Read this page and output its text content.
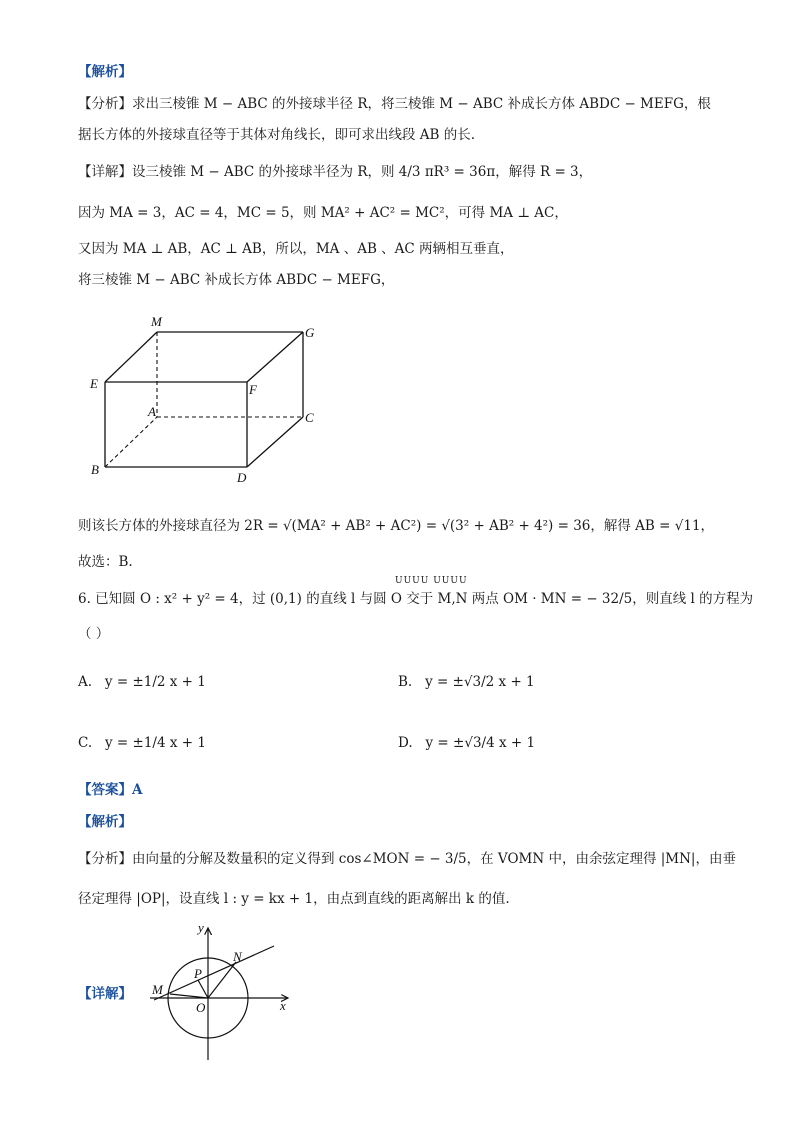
【解析】
【分析】求出三棱锥 M − ABC 的外接球半径 R，将三棱锥 M − ABC 补成长方体 ABDC − MEFG，根
据长方体的外接球直径等于其体对角线长，即可求出线段 AB 的长.
【详解】设三棱锥 M − ABC 的外接球半径为 R，则 4/3 πR³ = 36π，解得 R = 3，
因为 MA = 3，AC = 4，MC = 5，则 MA² + AC² = MC²，可得 MA ⊥ AC，
又因为 MA ⊥ AB，AC ⊥ AB，所以，MA 、AB 、AC 两辆相互垂直，
将三棱锥 M − ABC 补成长方体 ABDC − MEFG，
M
G
E	F
A	C
B
D
则该长方体的外接球直径为 2R = √(MA² + AB² + AC²) = √(3² + AB² + 4²) = 36，解得 AB = √11，
故选：B.
UUUU UUUU
6. 已知圆 O : x² + y² = 4，过 (0,1) 的直线 l 与圆 O 交于 M,N 两点 OM · MN = − 32/5，则直线 l 的方程为
（ ）
A. y = ±1/2 x + 1	B. y = ±√3/2 x + 1
C. y = ±1/4 x + 1	D. y = ±√3/4 x + 1
【答案】A
【解析】
【分析】由向量的分解及数量积的定义得到 cos∠MON = − 3/5，在 VOMN 中，由余弦定理得 |MN|，由垂
径定理得 |OP|，设直线 l : y = kx + 1，由点到直线的距离解出 k 的值.
【详解】
y
N
P
M
O	x
